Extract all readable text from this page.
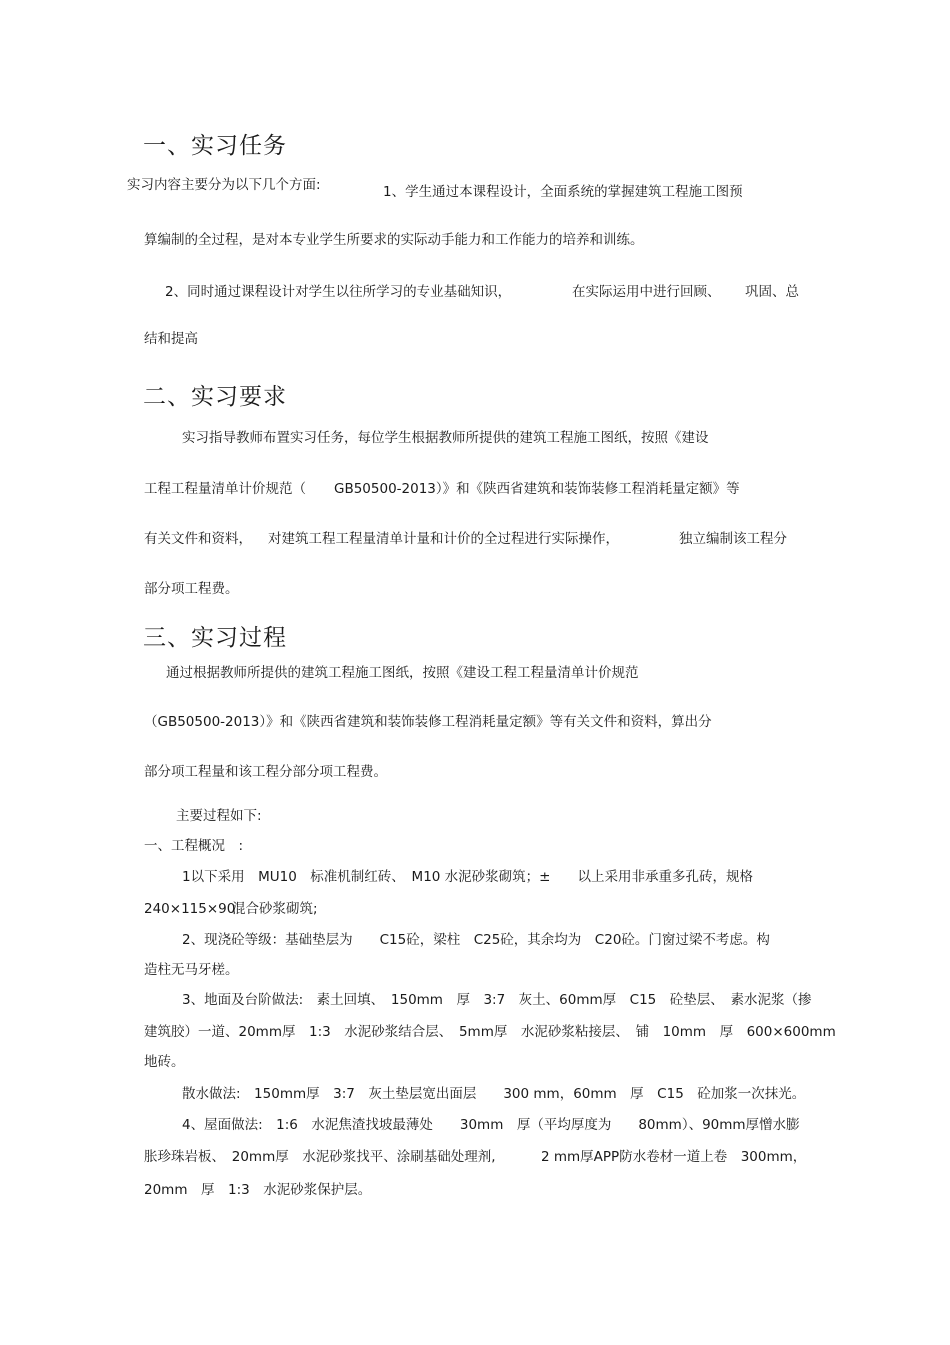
一、实习任务
实习内容主要分为以下几个方面:	1、学生通过本课程设计，全面系统的掌握建筑工程施工图预
算编制的全过程，是对本专业学生所要求的实际动手能力和工作能力的培养和训练。
2、同时通过课程设计对学生以往所学习的专业基础知识，	在实际运用中进行回顾、 巩固、总
结和提高
二、实习要求
实习指导教师布置实习任务，每位学生根据教师所提供的建筑工程施工图纸，按照《建设
工程工程量清单计价规范（ GB50500-2013）》和《陕西省建筑和装饰装修工程消耗量定额》等
有关文件和资料， 对建筑工程工程量清单计量和计价的全过程进行实际操作，	独立编制该工程分
部分项工程费。
三、实习过程
通过根据教师所提供的建筑工程施工图纸，按照《建设工程工程量清单计价规范
（GB50500-2013）》和《陕西省建筑和装饰装修工程消耗量定额》等有关文件和资料，算出分
部分项工程量和该工程分部分项工程费。
主要过程如下:
一、工程概况　:
1以下采用　MU10　标准机制红砖、　M10 水泥砂浆砌筑；±　　以上采用非承重多孔砖，规格
240×115×90
混合砂浆砌筑;
2、现浇砼等级：基础垫层为　　C15砼，梁柱　C25砼，其余均为　C20砼。门窗过梁不考虑。构
造柱无马牙槎。
3、地面及台阶做法:　素土回填、　150mm　厚　3:7　灰土、60mm厚　C15　砼垫层、　素水泥浆（掺
建筑胶）一道、20mm厚　1:3　水泥砂浆结合层、　5mm厚　水泥砂浆粘接层、　铺　10mm　厚　600×600mm
地砖。
散水做法:　150mm厚　3:7　灰土垫层宽出面层　　300 mm，60mm　厚　C15　砼加浆一次抹光。
4、屋面做法:　1:6　水泥焦渣找坡最薄处　　30mm　厚（平均厚度为　　80mm）、90mm厚憎水膨
胀珍珠岩板、　20mm厚　水泥砂浆找平、涂刷基础处理剂,	2 mm厚APP防水卷材一道上卷　300mm，
20mm　厚　1:3　水泥砂浆保护层。
